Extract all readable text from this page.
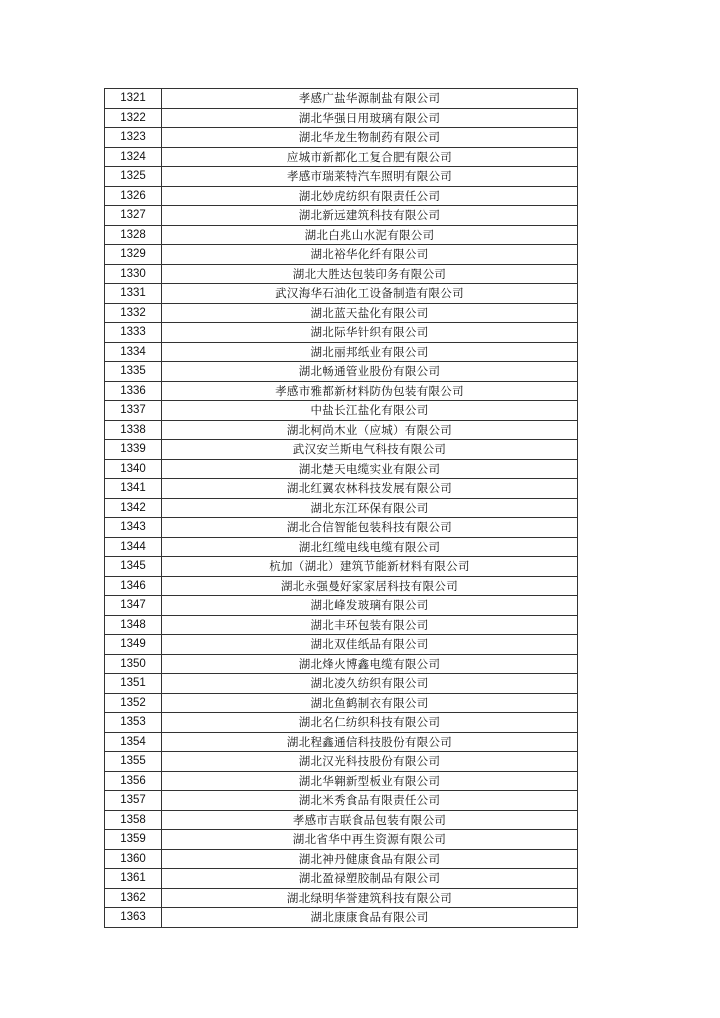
1321	孝感广盐华源制盐有限公司
1322	湖北华强日用玻璃有限公司
1323	湖北华龙生物制药有限公司
1324	应城市新都化工复合肥有限公司
1325	孝感市瑞莱特汽车照明有限公司
1326	湖北妙虎纺织有限责任公司
1327	湖北新远建筑科技有限公司
1328	湖北白兆山水泥有限公司
1329	湖北裕华化纤有限公司
1330	湖北大胜达包装印务有限公司
1331	武汉海华石油化工设备制造有限公司
1332	湖北蓝天盐化有限公司
1333	湖北际华针织有限公司
1334	湖北丽邦纸业有限公司
1335	湖北畅通管业股份有限公司
1336	孝感市雅都新材料防伪包装有限公司
1337	中盐长江盐化有限公司
1338	湖北柯尚木业（应城）有限公司
1339	武汉安兰斯电气科技有限公司
1340	湖北楚天电缆实业有限公司
1341	湖北红翼农林科技发展有限公司
1342	湖北东江环保有限公司
1343	湖北合信智能包装科技有限公司
1344	湖北红缆电线电缆有限公司
1345	杭加（湖北）建筑节能新材料有限公司
1346	湖北永强曼好家家居科技有限公司
1347	湖北峰发玻璃有限公司
1348	湖北丰环包装有限公司
1349	湖北双佳纸品有限公司
1350	湖北烽火博鑫电缆有限公司
1351	湖北凌久纺织有限公司
1352	湖北鱼鹤制衣有限公司
1353	湖北名仁纺织科技有限公司
1354	湖北程鑫通信科技股份有限公司
1355	湖北汉光科技股份有限公司
1356	湖北华翱新型板业有限公司
1357	湖北米秀食品有限责任公司
1358	孝感市吉联食品包装有限公司
1359	湖北省华中再生资源有限公司
1360	湖北神丹健康食品有限公司
1361	湖北盈禄塑胶制品有限公司
1362	湖北绿明华誉建筑科技有限公司
1363	湖北康康食品有限公司
